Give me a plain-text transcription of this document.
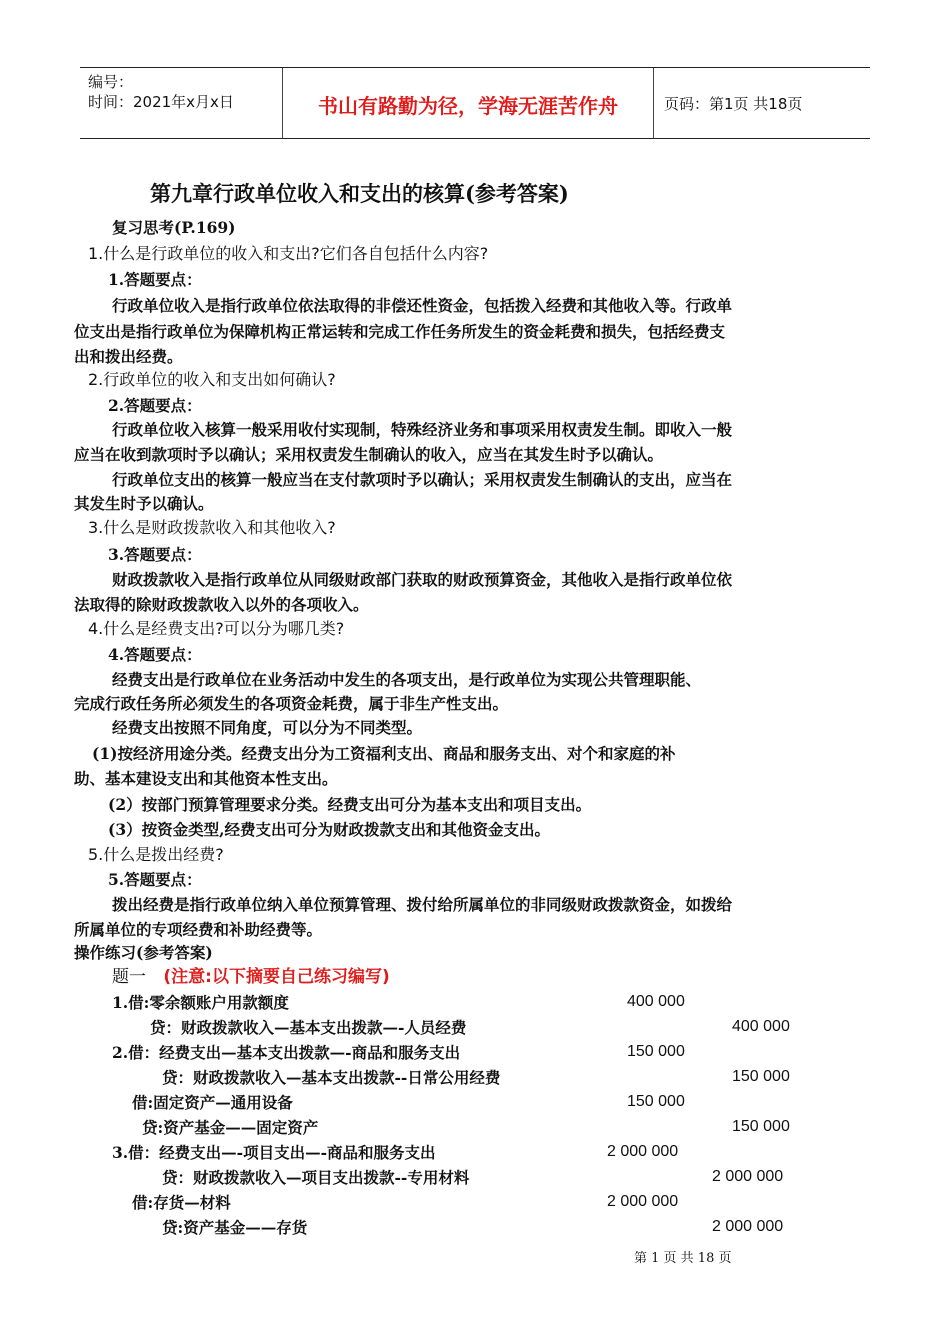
编号：
时间：2021年x月x日	书山有路勤为径，学海无涯苦作舟	页码：第1页 共18页
第九章行政单位收入和支出的核算(参考答案)
复习思考(P.169)
1.什么是行政单位的收入和支出?它们各自包括什么内容?
1.答题要点：
行政单位收入是指行政单位依法取得的非偿还性资金，包括拨入经费和其他收入等。行政单
位支出是指行政单位为保障机构正常运转和完成工作任务所发生的资金耗费和损失，包括经费支
出和拨出经费。
2.行政单位的收入和支出如何确认?
2.答题要点：
行政单位收入核算一般采用收付实现制，特殊经济业务和事项采用权责发生制。即收入一般
应当在收到款项时予以确认；采用权责发生制确认的收入，应当在其发生时予以确认。
行政单位支出的核算一般应当在支付款项时予以确认；采用权责发生制确认的支出，应当在
其发生时予以确认。
3.什么是财政拨款收入和其他收入?
3.答题要点：
财政拨款收入是指行政单位从同级财政部门获取的财政预算资金，其他收入是指行政单位依
法取得的除财政拨款收入以外的各项收入。
4.什么是经费支出?可以分为哪几类?
4.答题要点：
经费支出是行政单位在业务活动中发生的各项支出，是行政单位为实现公共管理职能、
完成行政任务所必须发生的各项资金耗费，属于非生产性支出。
经费支出按照不同角度，可以分为不同类型。
(1)按经济用途分类。经费支出分为工资福利支出、商品和服务支出、对个和家庭的补
助、基本建设支出和其他资本性支出。
(2）按部门预算管理要求分类。经费支出可分为基本支出和项目支出。
(3）按资金类型,经费支出可分为财政拨款支出和其他资金支出。
5.什么是拨出经费?
5.答题要点：
拨出经费是指行政单位纳入单位预算管理、拨付给所属单位的非同级财政拨款资金，如拨给
所属单位的专项经费和补助经费等。
操作练习(参考答案)
题一 (注意:以下摘要自己练习编写)
1.借:零余额账户用款额度	400 000
贷：财政拨款收入—基本支出拨款—-人员经费	400 000
2.借：经费支出—基本支出拨款—-商品和服务支出	150 000
贷：财政拨款收入—基本支出拨款--日常公用经费	150 000
借:固定资产—通用设备	150 000
贷:资产基金——固定资产	150 000
3.借：经费支出—-项目支出—-商品和服务支出	2 000 000
贷：财政拨款收入—项目支出拨款--专用材料	2 000 000
借:存货—材料	2 000 000
贷:资产基金——存货	2 000 000
第 1 页 共 18 页
